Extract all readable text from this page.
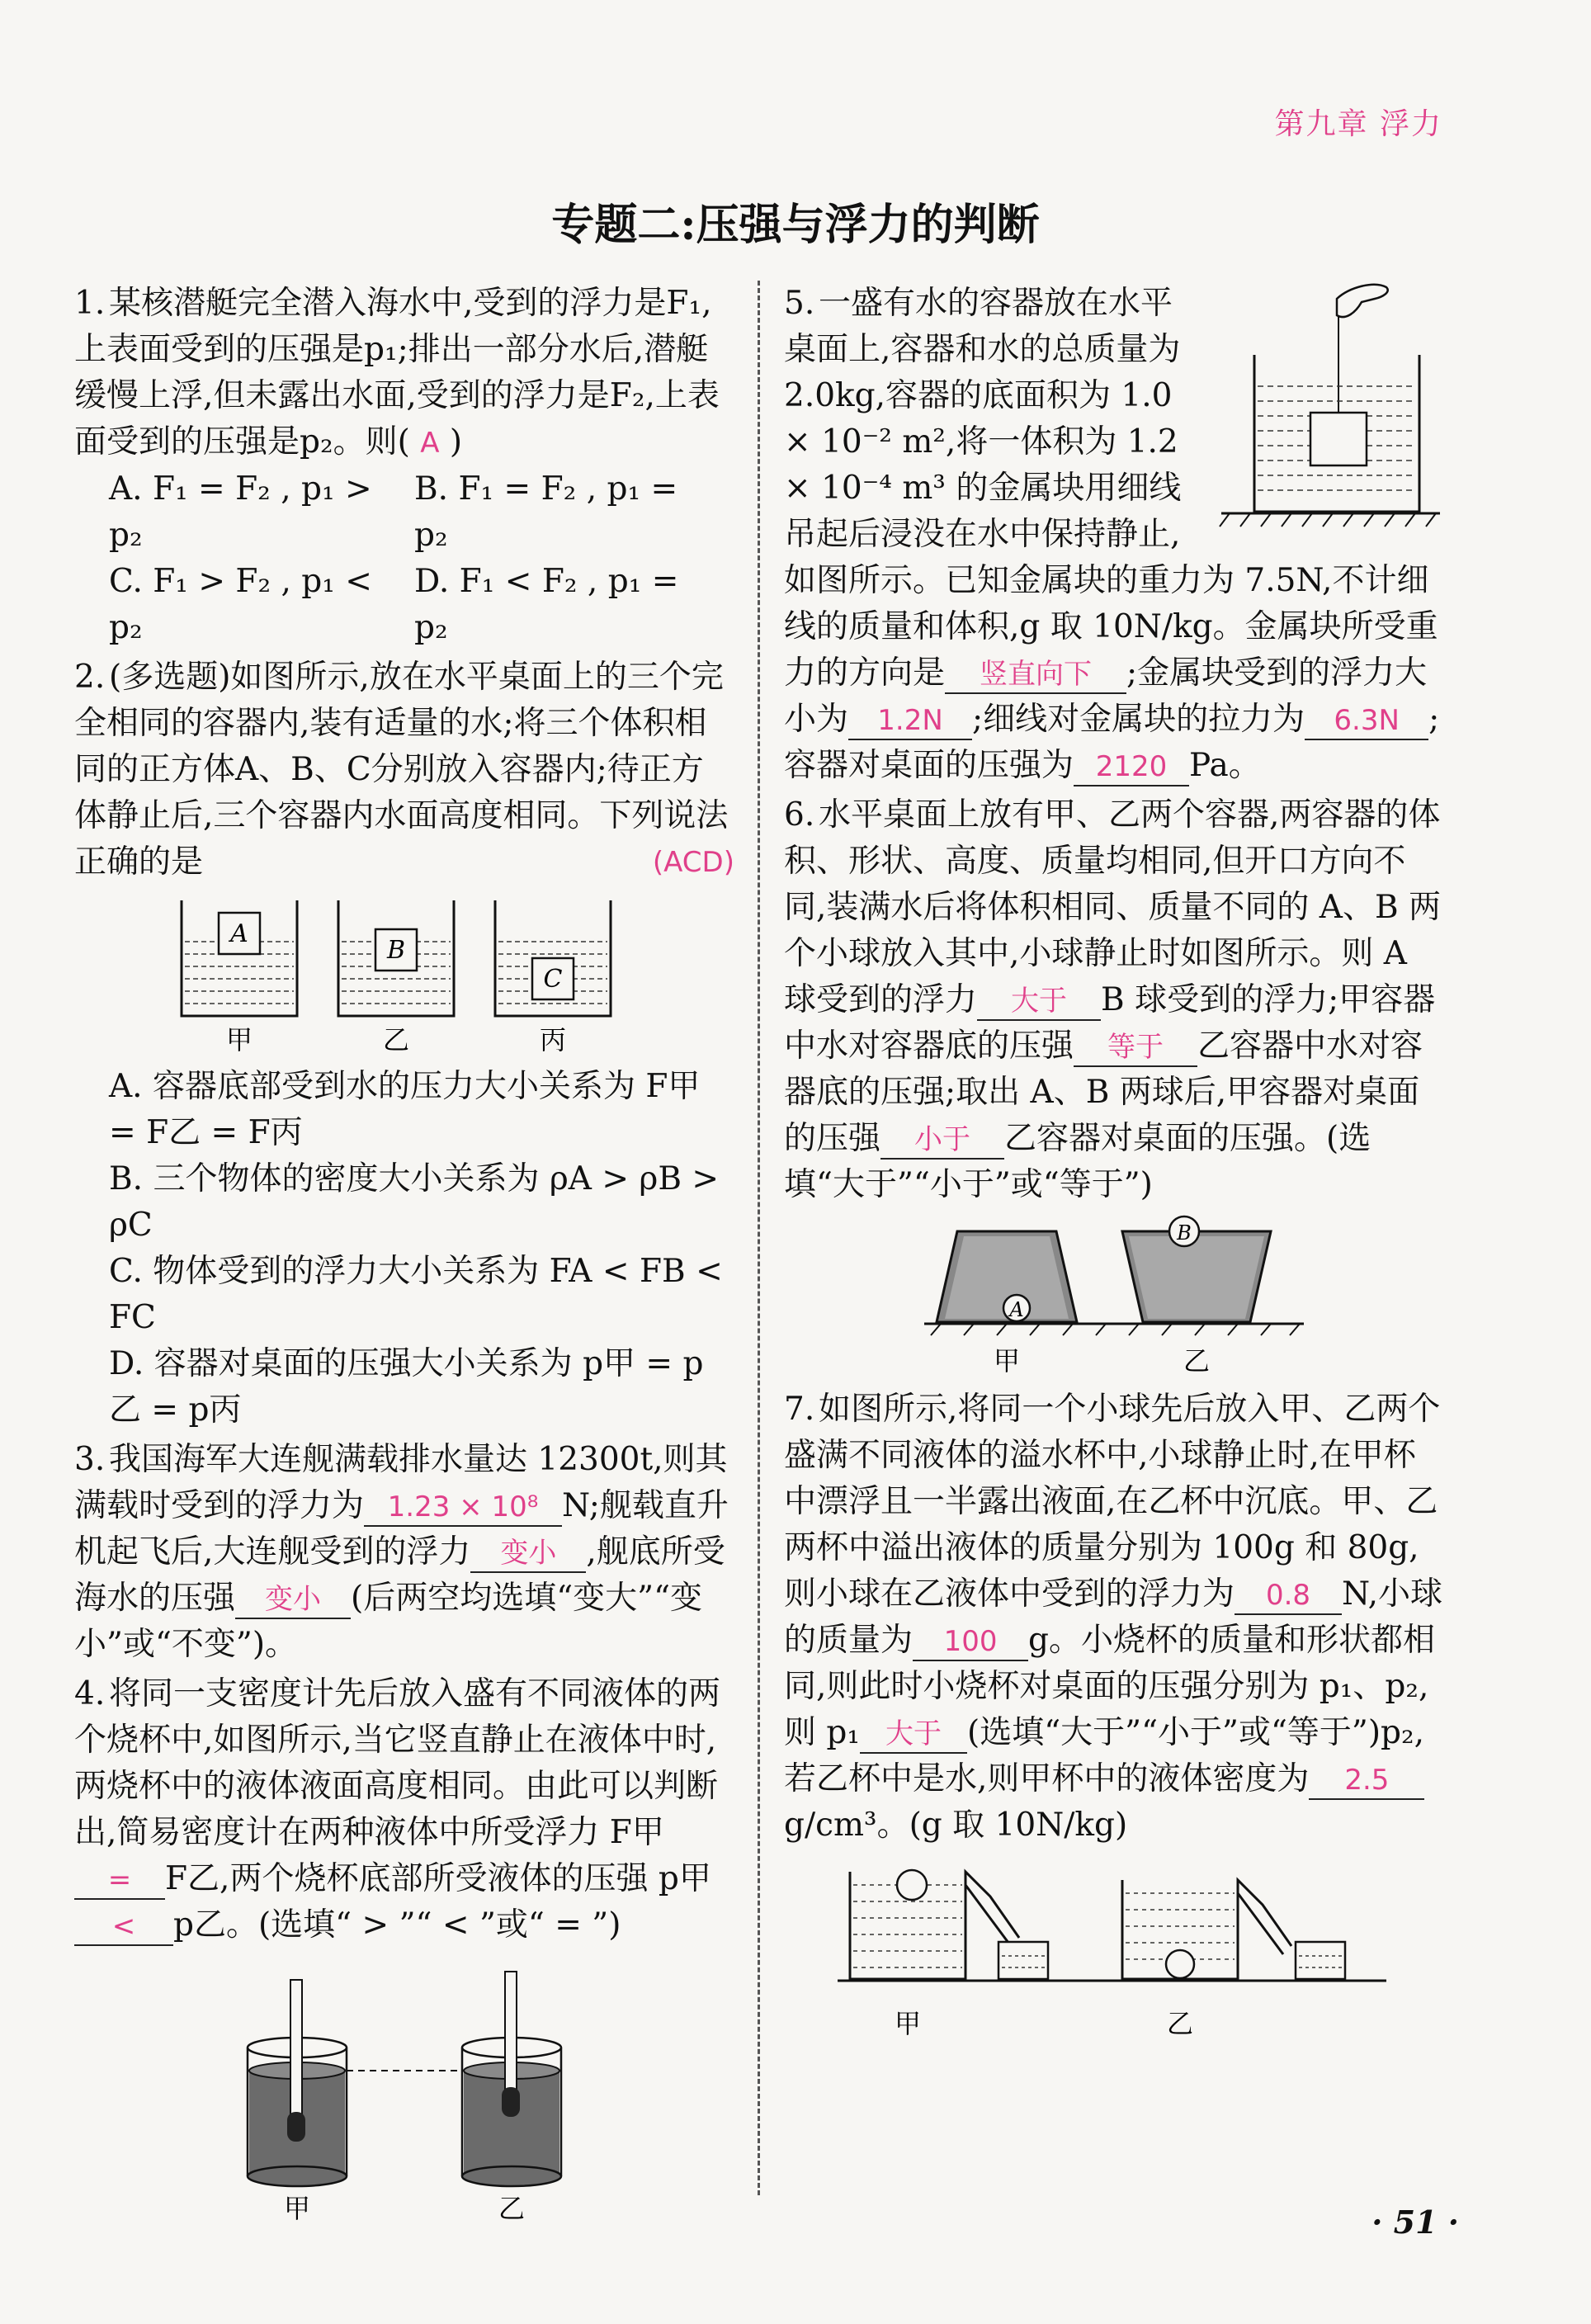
第九章 浮力
专题二:压强与浮力的判断
1. 某核潜艇完全潜入海水中,受到的浮力是F₁,上表面受到的压强是p₁;排出一部分水后,潜艇缓慢上浮,但未露出水面,受到的浮力是F₂,上表面受到的压强是p₂。则( A )
A. F₁ = F₂ , p₁ > p₂
B. F₁ = F₂ , p₁ = p₂
C. F₁ > F₂ , p₁ < p₂
D. F₁ < F₂ , p₁ = p₂
2. (多选题)如图所示,放在水平桌面上的三个完全相同的容器内,装有适量的水;将三个体积相同的正方体A、B、C分别放入容器内;待正方体静止后,三个容器内水面高度相同。下列说法正确的是	(ACD)
A
甲
B
乙
C
丙
A. 容器底部受到水的压力大小关系为 F甲 = F乙 = F丙
B. 三个物体的密度大小关系为 ρA > ρB > ρC
C. 物体受到的浮力大小关系为 FA < FB < FC
D. 容器对桌面的压强大小关系为 p甲 = p乙 = p丙
3. 我国海军大连舰满载排水量达 12300t,则其满载时受到的浮力为 1.23 × 10⁸ N;舰载直升机起飞后,大连舰受到的浮力 变小 ,舰底所受海水的压强 变小 (后两空均选填“变大”“变小”或“不变”)。
4. 将同一支密度计先后放入盛有不同液体的两个烧杯中,如图所示,当它竖直静止在液体中时,两烧杯中的液体液面高度相同。由此可以判断出,简易密度计在两种液体中所受浮力 F甲= F乙,两个烧杯底部所受液体的压强 p甲< p乙。(选填“ > ”“ < ”或“ = ”)
甲	乙
5. 一盛有水的容器放在水平桌面上,容器和水的总质量为 2.0kg,容器的底面积为 1.0 × 10⁻² m²,将一体积为 1.2 × 10⁻⁴ m³ 的金属块用细线吊起后浸没在水中保持静止,如图所示。已知金属块的重力为 7.5N,不计细线的质量和体积,g 取 10N/kg。金属块所受重力的方向是 竖直向下 ;金属块受到的浮力大小为 1.2N ;细线对金属块的拉力为 6.3N ;容器对桌面的压强为 2120 Pa。
6. 水平桌面上放有甲、乙两个容器,两容器的体积、形状、高度、质量均相同,但开口方向不同,装满水后将体积相同、质量不同的 A、B 两个小球放入其中,小球静止时如图所示。则 A 球受到的浮力 大于 B 球受到的浮力;甲容器中水对容器底的压强 等于 乙容器中水对容器底的压强;取出 A、B 两球后,甲容器对桌面的压强 小于 乙容器对桌面的压强。(选填“大于”“小于”或“等于”)
A
甲
B
乙
7. 如图所示,将同一个小球先后放入甲、乙两个盛满不同液体的溢水杯中,小球静止时,在甲杯中漂浮且一半露出液面,在乙杯中沉底。甲、乙两杯中溢出液体的质量分别为 100g 和 80g,则小球在乙液体中受到的浮力为 0.8 N,小球的质量为 100 g。小烧杯的质量和形状都相同,则此时小烧杯对桌面的压强分别为 p₁、p₂,则 p₁ 大于 (选填“大于”“小于”或“等于”)p₂,若乙杯中是水,则甲杯中的液体密度为 2.5g/cm³。(g 取 10N/kg)
甲	乙
· 51 ·
